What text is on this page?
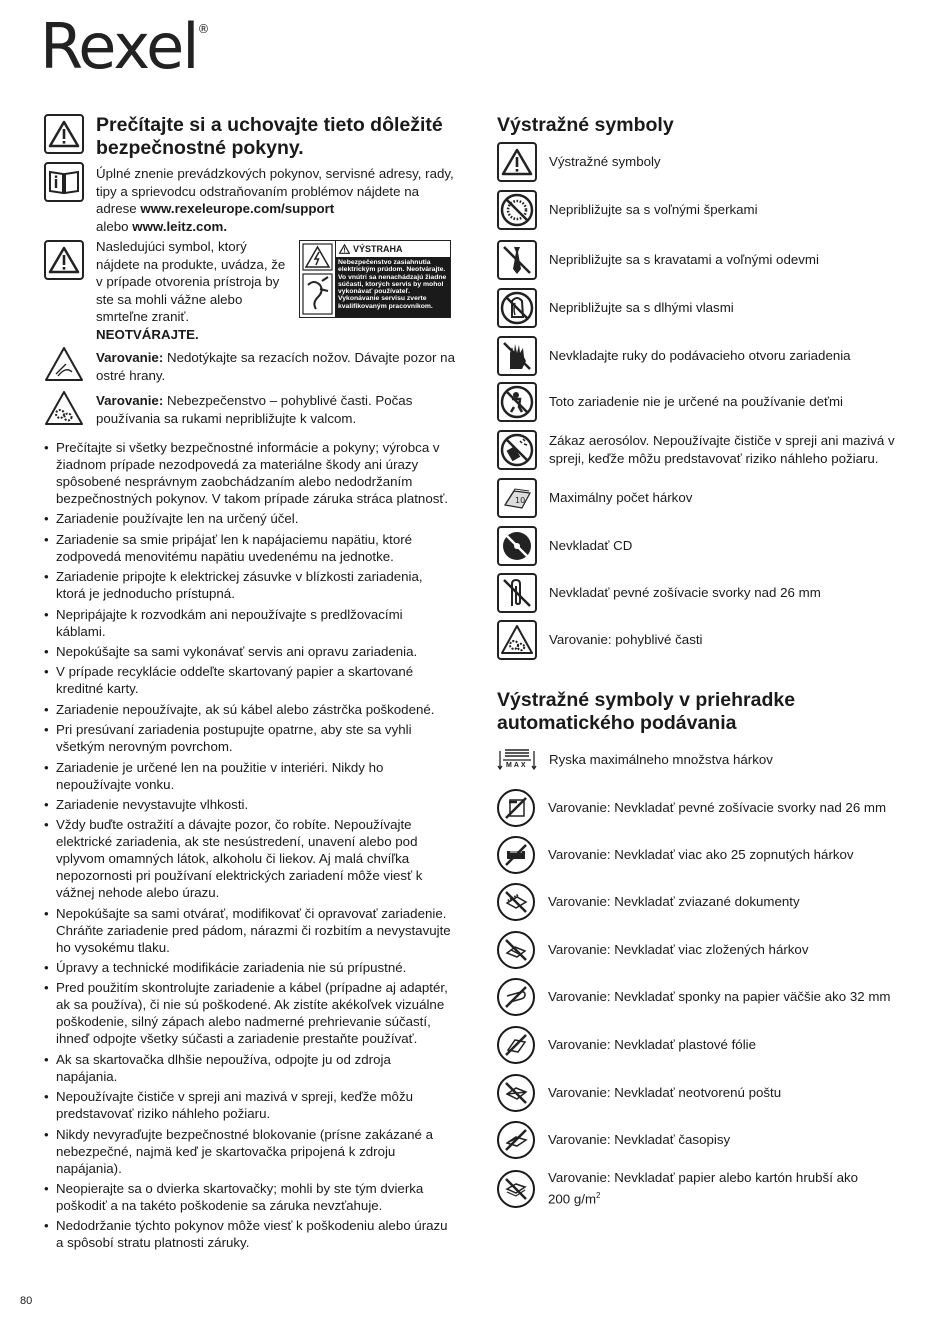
Rexel®
Prečítajte si a uchovajte tieto dôležité bezpečnostné pokyny.
Úplné znenie prevádzkových pokynov, servisné adresy, rady, tipy a sprievodcu odstraňovaním problémov nájdete na adrese www.rexeleurope.com/support
alebo www.leitz.com.
Nasledujúci symbol, ktorý nájdete na produkte, uvádza, že v prípade otvorenia prístroja by ste sa mohli vážne alebo smrteľne zraniť.
NEOTVÁRAJTE.
VÝSTRAHA
Nebezpečenstvo zasiahnutia elektrickým prúdom. Neotvárajte. Vo vnútri sa nenachádzajú žiadne súčasti, ktorých servis by mohol vykonávať používateľ. Vykonávanie servisu zverte kvalifikovaným pracovníkom.
Varovanie: Nedotýkajte sa rezacích nožov. Dávajte pozor na ostré hrany.
Varovanie: Nebezpečenstvo – pohyblivé časti. Počas používania sa rukami nepribližujte k valcom.
• Prečítajte si všetky bezpečnostné informácie a pokyny; výrobca v žiadnom prípade nezodpovedá za materiálne škody ani úrazy spôsobené nesprávnym zaobchádzaním alebo nedodržaním bezpečnostných pokynov. V takom prípade záruka stráca platnosť.
• Zariadenie používajte len na určený účel.
• Zariadenie sa smie pripájať len k napájaciemu napätiu, ktoré zodpovedá menovitému napätiu uvedenému na jednotke.
• Zariadenie pripojte k elektrickej zásuvke v blízkosti zariadenia, ktorá je jednoducho prístupná.
• Nepripájajte k rozvodkám ani nepoužívajte s predlžovacími káblami.
• Nepokúšajte sa sami vykonávať servis ani opravu zariadenia.
• V prípade recyklácie oddeľte skartovaný papier a skartované kreditné karty.
• Zariadenie nepoužívajte, ak sú kábel alebo zástrčka poškodené.
• Pri presúvaní zariadenia postupujte opatrne, aby ste sa vyhli všetkým nerovným povrchom.
• Zariadenie je určené len na použitie v interiéri. Nikdy ho nepoužívajte vonku.
• Zariadenie nevystavujte vlhkosti.
• Vždy buďte ostražití a dávajte pozor, čo robíte. Nepoužívajte elektrické zariadenia, ak ste nesústredení, unavení alebo pod vplyvom omamných látok, alkoholu či liekov. Aj malá chvíľka nepozornosti pri používaní elektrických zariadení môže viesť k vážnej nehode alebo úrazu.
• Nepokúšajte sa sami otvárať, modifikovať či opravovať zariadenie. Chráňte zariadenie pred pádom, nárazmi či rozbitím a nevystavujte ho vysokému tlaku.
• Úpravy a technické modifikácie zariadenia nie sú prípustné.
• Pred použitím skontrolujte zariadenie a kábel (prípadne aj adaptér, ak sa používa), či nie sú poškodené. Ak zistíte akékoľvek vizuálne poškodenie, silný zápach alebo nadmerné prehrievanie súčastí, ihneď odpojte všetky súčasti a zariadenie prestaňte používať.
• Ak sa skartovačka dlhšie nepoužíva, odpojte ju od zdroja napájania.
• Nepoužívajte čističe v spreji ani mazivá v spreji, keďže môžu predstavovať riziko náhleho požiaru.
• Nikdy nevyraďujte bezpečnostné blokovanie (prísne zakázané a nebezpečné, najmä keď je skartovačka pripojená k zdroju napájania).
• Neopierajte sa o dvierka skartovačky; mohli by ste tým dvierka poškodiť a na takéto poškodenie sa záruka nevzťahuje.
• Nedodržanie týchto pokynov môže viesť k poškodeniu alebo úrazu a spôsobí stratu platnosti záruky.
Výstražné symboly
Výstražné symboly
Nepribližujte sa s voľnými šperkami
Nepribližujte sa s kravatami a voľnými odevmi
Nepribližujte sa s dlhými vlasmi
Nevkladajte ruky do podávacieho otvoru zariadenia
Toto zariadenie nie je určené na používanie deťmi
Zákaz aerosólov. Nepoužívajte čističe v spreji ani mazivá v spreji, keďže môžu predstavovať riziko náhleho požiaru.
10 Maximálny počet hárkov
Nevkladať CD
Nevkladať pevné zošívacie svorky nad 26 mm
Varovanie: pohyblivé časti
Výstražné symboly v priehradke automatického podávania
MAX Ryska maximálneho množstva hárkov
Varovanie: Nevkladať pevné zošívacie svorky nad 26 mm
Varovanie: Nevkladať viac ako 25 zopnutých hárkov
Varovanie: Nevkladať zviazané dokumenty
Varovanie: Nevkladať viac zložených hárkov
Varovanie: Nevkladať sponky na papier väčšie ako 32 mm
Varovanie: Nevkladať plastové fólie
Varovanie: Nevkladať neotvorenú poštu
Varovanie: Nevkladať časopisy
Varovanie: Nevkladať papier alebo kartón hrubší ako
200 $g/m^2$
80
